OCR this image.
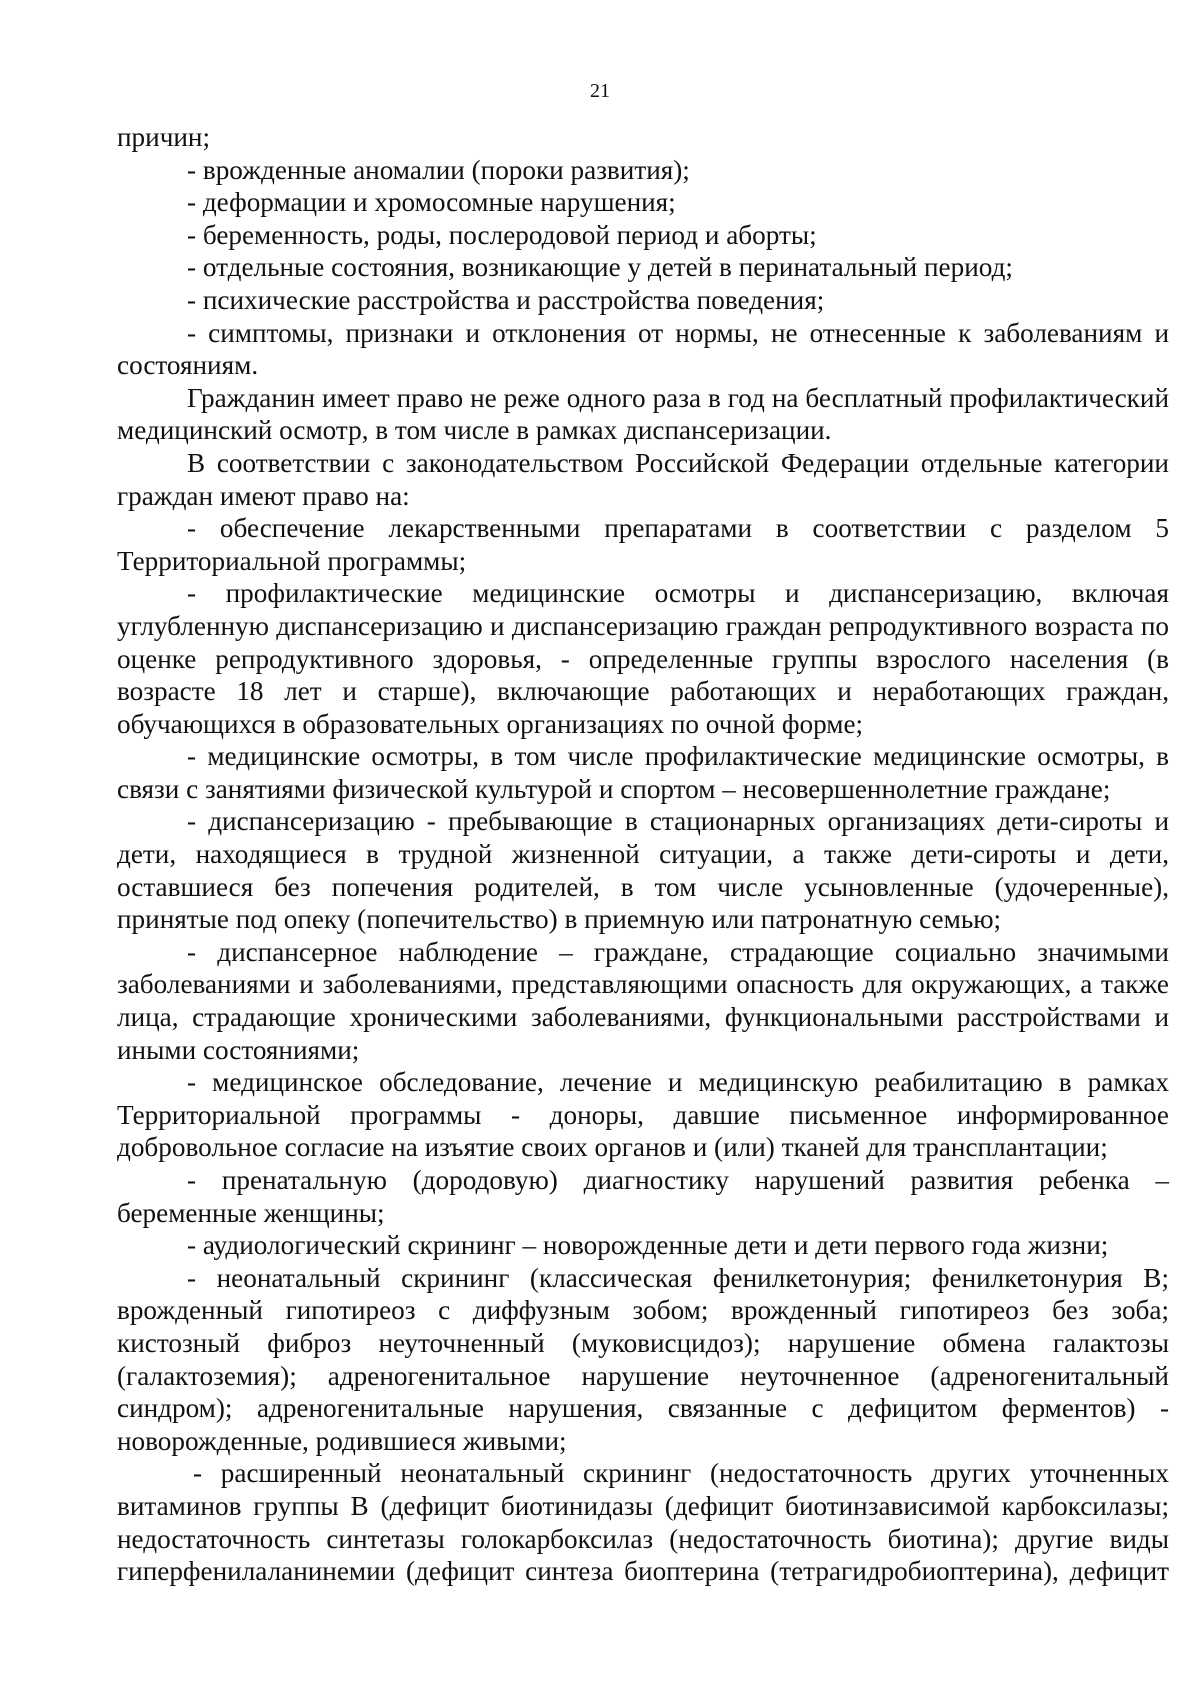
21

причин;

- врожденные аномалии (пороки развития);

- деформации и хромосомные нарушения;

- беременность, роды, послеродовой период и аборты;

- отдельные состояния, возникающие у детей в перинатальный период;

- психические расстройства и расстройства поведения;

- симптомы, признаки и отклонения от нормы, не отнесенные к заболеваниям и состояниям.

Гражданин имеет право не реже одного раза в год на бесплатный профилактический медицинский осмотр, в том числе в рамках диспансеризации.

В соответствии с законодательством Российской Федерации отдельные категории граждан имеют право на:

- обеспечение лекарственными препаратами в соответствии с разделом 5 Территориальной программы;

- профилактические медицинские осмотры и диспансеризацию, включая углубленную диспансеризацию и диспансеризацию граждан репродуктивного возраста по оценке репродуктивного здоровья, - определенные группы взрослого населения (в возрасте 18 лет и старше), включающие работающих и неработающих граждан, обучающихся в образовательных организациях по очной форме;

- медицинские осмотры, в том числе профилактические медицинские осмотры, в связи с занятиями физической культурой и спортом – несовершеннолетние граждане;

- диспансеризацию - пребывающие в стационарных организациях дети-сироты и дети, находящиеся в трудной жизненной ситуации, а также дети-сироты и дети, оставшиеся без попечения родителей, в том числе усыновленные (удочеренные), принятые под опеку (попечительство) в приемную или патронатную семью;

- диспансерное наблюдение – граждане, страдающие социально значимыми заболеваниями и заболеваниями, представляющими опасность для окружающих, а также лица, страдающие хроническими заболеваниями, функциональными расстройствами и иными состояниями;

- медицинское обследование, лечение и медицинскую реабилитацию в рамках Территориальной программы - доноры, давшие письменное информированное добровольное согласие на изъятие своих органов и (или) тканей для трансплантации;

- пренатальную (дородовую) диагностику нарушений развития ребенка – беременные женщины;

- аудиологический скрининг – новорожденные дети и дети первого года жизни;

- неонатальный скрининг (классическая фенилкетонурия; фенилкетонурия B; врожденный гипотиреоз с диффузным зобом; врожденный гипотиреоз без зоба; кистозный фиброз неуточненный (муковисцидоз); нарушение обмена галактозы (галактоземия); адреногенитальное нарушение неуточненное (адреногенитальный синдром); адреногенитальные нарушения, связанные с дефицитом ферментов) - новорожденные, родившиеся живыми;

- расширенный неонатальный скрининг (недостаточность других уточненных витаминов группы B (дефицит биотинидазы (дефицит биотинзависимой карбоксилазы; недостаточность синтетазы голокарбоксилаз (недостаточность биотина); другие виды гиперфенилаланинемии (дефицит синтеза биоптерина (тетрагидробиоптерина), дефицит
